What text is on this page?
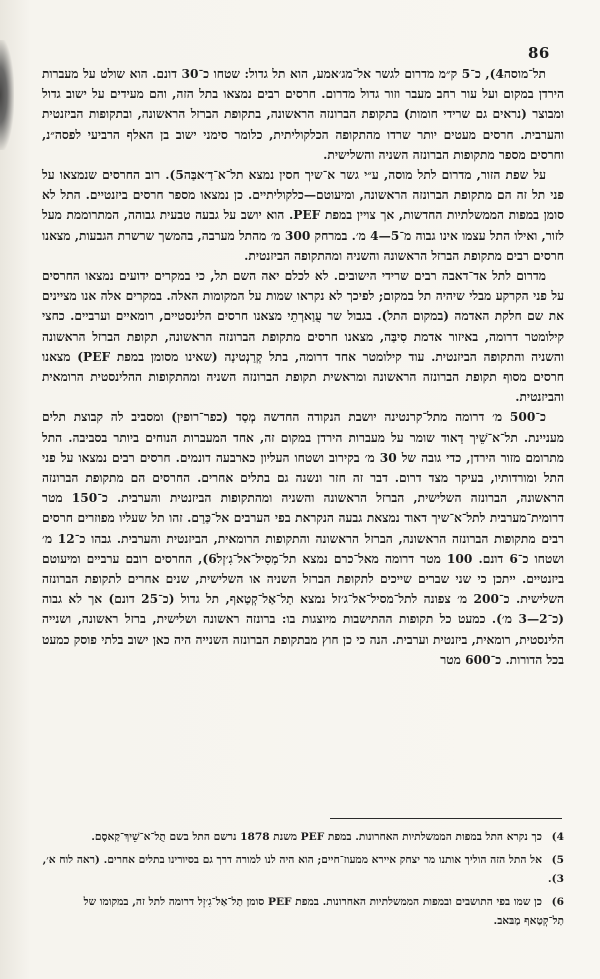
86

תל־מוסה4), כ־5 ק״מ מדרום לגשר אל־מג׳אמע, הוא תל גדול: שטחו כ־30 דונם. הוא שולט על מעברות הירדן במקום ועל עור רחב מעבר וזור גדול מדרום. חרסים רבים נמצאו בתל הזה, והם מעידים על ישוב גדול ומבוצר (נראים גם שרידי חומות) בתקופת הברונזה הראשונה, בתקופת הברזל הראשונה, ובתקופות הביזנטית והערבית. חרסים מעטים יותר שרדו מהתקופה הכלקוליתית, כלומר סימני ישוב בן האלף הרביעי לפסה״נ, וחרסים מספר מתקופות הברונזה השניה והשלישית.

על שפת הזור, מדרום לתל מוסה, ע״י גשר א־שיך חסין נמצא תל־א־דַ׳אבַּה5). רוב החרסים שנמצאו על פני תל זה הם מתקופת הברונזה הראשונה, ומיעוטם—כלקוליתיים. כן נמצאו מספר חרסים ביזנטיים. התל לא סומן במפות הממשלתיות החדשות, אך צויין במפת PEF. הוא יושב על גבעה טבעית גבוהה, המתרוממת מעל לזור, ואילו התל עצמו אינו גבוה מ־5—4 מ׳. במרחק 300 מ׳ מהתל מערבה, בהמשך שרשרת הגבעות, מצאנו חרסים רבים מתקופת הברזל הראשונה והשניה ומהתקופה הביזנטית.

מדרום לתל אד־דאבה רבים שרידי הישובים. לא לכלם יאה השם תל, כי במקרים ידועים נמצאו החרסים על פני הקרקע מבלי שיהיה תל במקום; לפיכך לא נקראו שמות על המקומות האלה. במקרים אלה אנו מציינים את שם חלקת האדמה (במקום התל). בגבול שר עֻוַארְתֵי מצאנו חרסים הלינסטיים, רומאיים וערביים. כחצי קילומטר דרומה, באיזור אדמת סִיבַּה, מצאנו חרסים מתקופת הברונזה הראשונה, תקופת הברזל הראשונה והשניה והתקופה הביזנטית. עוד קילומטר אחד דרומה, בתל קְרַנְטינַה (שאינו מסומן במפת PEF) מצאנו חרסים מסוף תקופת הברונזה הראשונה ומראשית תקופת הברונזה השניה ומהתקופות ההלינסטית הרומאית והביזנטית.

כ־500 מ׳ דרומה מתל־קרנטינה יושבת הנקודה החדשה מְסַד (כפר־רופין) ומסביב לה קבוצת תלים מעניינת. תל־א־שֵׁיך דַאוד שומר על מעברות הירדן במקום זה, אחד המעברות הנוחים ביותר בסביבה. התל מתרומם מזור הירדן, כדי גובה של 30 מ׳ בקירוב ושטחו העליון כארבעה דונמים. חרסים רבים נמצאו על פני התל ומורדותיו, בעיקר מצד דרום. דבר זה חזר ונשנה גם בתלים אחרים. החרסים הם מתקופת הברונזה הראשונה, הברונזה השלישית, הברזל הראשונה והשניה ומהתקופות הביזנטית והערבית. כ־150 מטר דרומית־מערבית לתל־א־שיך דאוד נמצאת גבעה הנקראת בפי הערבים אל־כַּרַם. זהו תל שעליו מפוזרים חרסים רבים מתקופות הברונזה הראשונה, הברזל הראשונה והתקופות הרומאית, הביזנטית והערבית. גבהו כ־12 מ׳ ושטחו כ־6 דונם. 100 מטר דרומה מאל־כרם נמצא תל־מַסִיל־אל־גִ׳זְל6), החרסים רובם ערביים ומיעוטם ביזנטיים. ייתכן כי שני שברים שייכים לתקופת הברזל השניה או השלישית, שנים אחרים לתקופת הברונזה השלישית. כ־200 מ׳ צפונה לתל־מסיל־אל־ג׳זל נמצא תַל־אַל־קְטַאף, תל גדול (כ־25 דונם) אך לא גבוה (כ־2—3 מ׳). כמעט כל תקופות ההתישבות מיוצגות בו: ברונזה ראשונה ושלישית, ברזל ראשונה, ושנייה הלינסטית, רומאית, ביזנטית וערבית. הנה כי כן חוץ מבתקופת הברונזה השנייה היה כאן ישוב בלתי פוסק כמעט בכל הדורות. כ־600 מטר

4) כך נקרא התל במפות הממשלתיות האחרונות. במפת PEF משנת 1878 נרשם התל בשם תֻל־א־שֵׁיךְ־קַאסֶם.

5) אל התל הזה הוליך אותנו מר יצחק איירא ממעוז־חיים; הוא היה לנו למורה דרך גם בסיורינו בתלים אחרים. (ראה לוח א׳, 3).

6) כן שמו בפי התושבים ובמפות הממשלתיות האחרונות. במפת PEF סומן תַל־אַל־גִ׳זְל דרומה לתל זה, במקומו של תַל־קְטַאף מַבּאב.
